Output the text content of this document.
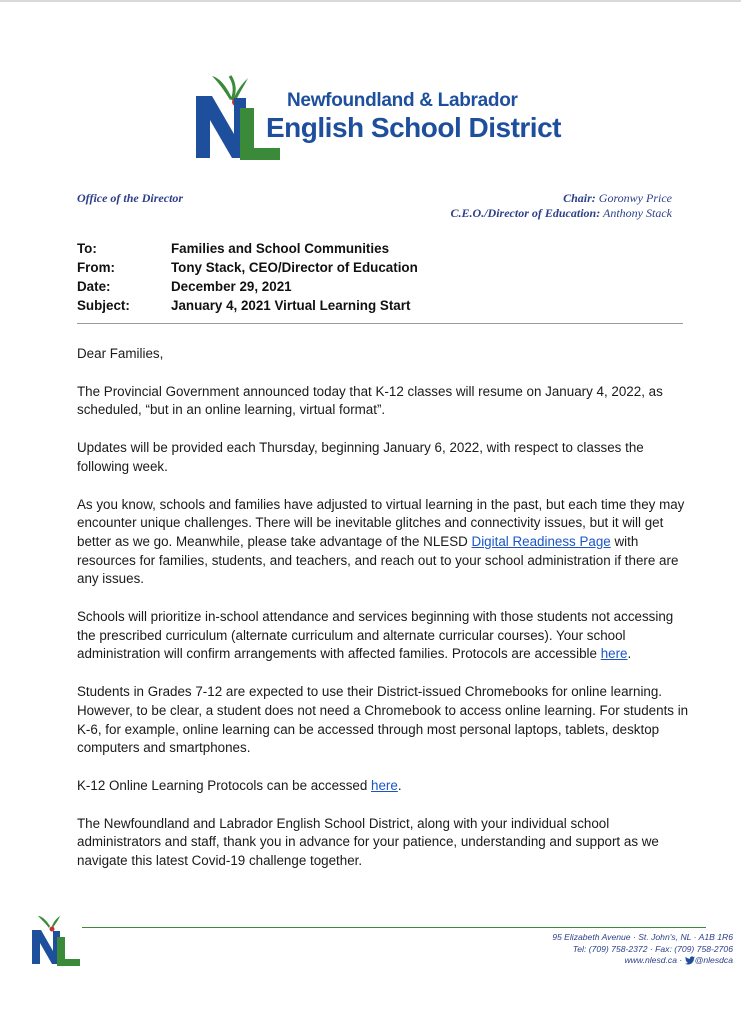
Newfoundland & Labrador
English School District
Office of the Director	Chair: Goronwy Price
C.E.O./Director of Education: Anthony Stack
To:	Families and School Communities
From:	Tony Stack, CEO/Director of Education
Date:	December 29, 2021
Subject:	January 4, 2021 Virtual Learning Start

Dear Families,

The Provincial Government announced today that K-12 classes will resume on January 4, 2022, as scheduled, “but in an online learning, virtual format”.

Updates will be provided each Thursday, beginning January 6, 2022, with respect to classes the following week.

As you know, schools and families have adjusted to virtual learning in the past, but each time they may encounter unique challenges. There will be inevitable glitches and connectivity issues, but it will get better as we go. Meanwhile, please take advantage of the NLESD Digital Readiness Page with resources for families, students, and teachers, and reach out to your school administration if there are any issues.

Schools will prioritize in-school attendance and services beginning with those students not accessing the prescribed curriculum (alternate curriculum and alternate curricular courses). Your school administration will confirm arrangements with affected families. Protocols are accessible here.

Students in Grades 7-12 are expected to use their District-issued Chromebooks for online learning. However, to be clear, a student does not need a Chromebook to access online learning. For students in K-6, for example, online learning can be accessed through most personal laptops, tablets, desktop computers and smartphones.

K-12 Online Learning Protocols can be accessed here.

The Newfoundland and Labrador English School District, along with your individual school administrators and staff, thank you in advance for your patience, understanding and support as we navigate this latest Covid-19 challenge together.

95 Elizabeth Avenue · St. John's, NL · A1B 1R6
Tel: (709) 758-2372 · Fax: (709) 758-2706
www.nlesd.ca · @nlesdca
